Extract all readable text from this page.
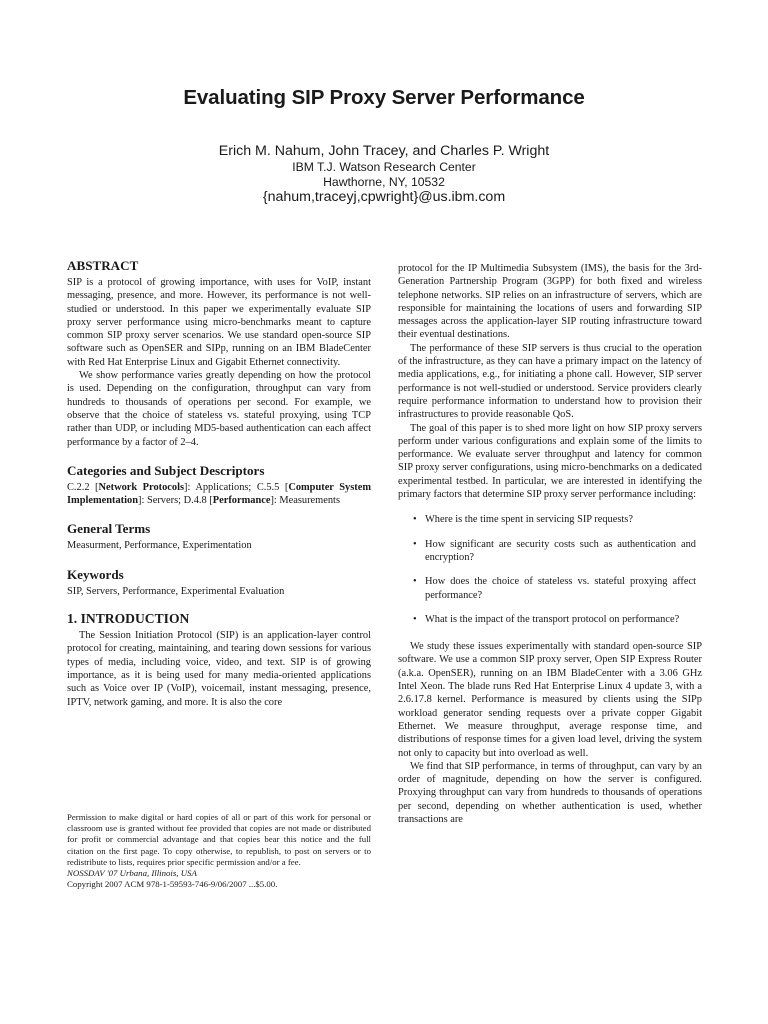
Evaluating SIP Proxy Server Performance
Erich M. Nahum, John Tracey, and Charles P. Wright
IBM T.J. Watson Research Center
Hawthorne, NY, 10532
{nahum,traceyj,cpwright}@us.ibm.com
ABSTRACT

SIP is a protocol of growing importance, with uses for VoIP, instant messaging, presence, and more. However, its performance is not well-studied or understood. In this paper we experimentally evaluate SIP proxy server performance using micro-benchmarks meant to capture common SIP proxy server scenarios. We use standard open-source SIP software such as OpenSER and SIPp, running on an IBM BladeCenter with Red Hat Enterprise Linux and Gigabit Ethernet connectivity.

We show performance varies greatly depending on how the protocol is used. Depending on the configuration, throughput can vary from hundreds to thousands of operations per second. For example, we observe that the choice of stateless vs. stateful proxying, using TCP rather than UDP, or including MD5-based authentication can each affect performance by a factor of 2–4.

Categories and Subject Descriptors

C.2.2 [Network Protocols]: Applications; C.5.5 [Computer System Implementation]: Servers; D.4.8 [Performance]: Measurements

General Terms

Measurment, Performance, Experimentation

Keywords

SIP, Servers, Performance, Experimental Evaluation

1. INTRODUCTION

The Session Initiation Protocol (SIP) is an application-layer control protocol for creating, maintaining, and tearing down sessions for various types of media, including voice, video, and text. SIP is of growing importance, as it is being used for many media-oriented applications such as Voice over IP (VoIP), voicemail, instant messaging, presence, IPTV, network gaming, and more. It is also the core

Permission to make digital or hard copies of all or part of this work for personal or classroom use is granted without fee provided that copies are not made or distributed for profit or commercial advantage and that copies bear this notice and the full citation on the first page. To copy otherwise, to republish, to post on servers or to redistribute to lists, requires prior specific permission and/or a fee.
NOSSDAV '07 Urbana, Illinois, USA
Copyright 2007 ACM 978-1-59593-746-9/06/2007 ...$5.00.

protocol for the IP Multimedia Subsystem (IMS), the basis for the 3rd-Generation Partnership Program (3GPP) for both fixed and wireless telephone networks. SIP relies on an infrastructure of servers, which are responsible for maintaining the locations of users and forwarding SIP messages across the application-layer SIP routing infrastructure toward their eventual destinations.

The performance of these SIP servers is thus crucial to the operation of the infrastructure, as they can have a primary impact on the latency of media applications, e.g., for initiating a phone call. However, SIP server performance is not well-studied or understood. Service providers clearly require performance information to understand how to provision their infrastructures to provide reasonable QoS.

The goal of this paper is to shed more light on how SIP proxy servers perform under various configurations and explain some of the limits to performance. We evaluate server throughput and latency for common SIP proxy server configurations, using micro-benchmarks on a dedicated experimental testbed. In particular, we are interested in identifying the primary factors that determine SIP proxy server performance including:

• Where is the time spent in servicing SIP requests?
• How significant are security costs such as authentication and encryption?
• How does the choice of stateless vs. stateful proxying affect performance?
• What is the impact of the transport protocol on performance?

We study these issues experimentally with standard open-source SIP software. We use a common SIP proxy server, Open SIP Express Router (a.k.a. OpenSER), running on an IBM BladeCenter with a 3.06 GHz Intel Xeon. The blade runs Red Hat Enterprise Linux 4 update 3, with a 2.6.17.8 kernel. Performance is measured by clients using the SIPp workload generator sending requests over a private copper Gigabit Ethernet. We measure throughput, average response time, and distributions of response times for a given load level, driving the system not only to capacity but into overload as well.

We find that SIP performance, in terms of throughput, can vary by an order of magnitude, depending on how the server is configured. Proxying throughput can vary from hundreds to thousands of operations per second, depending on whether authentication is used, whether transactions are
